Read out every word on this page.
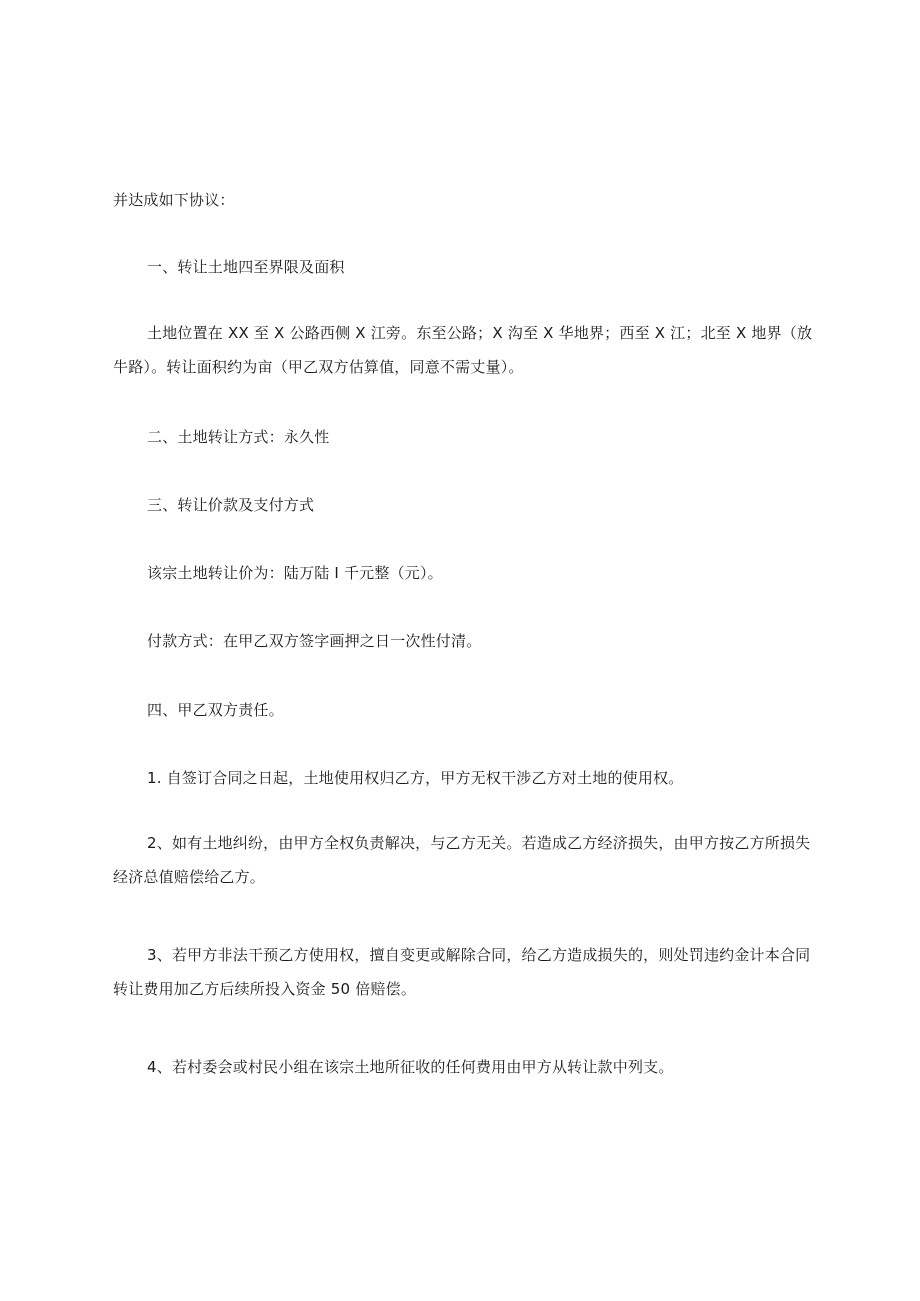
并达成如下协议：
一、转让土地四至界限及面积
土地位置在 XX 至 X 公路西侧 X 江旁。东至公路；X 沟至 X 华地界；西至 X 江；北至 X 地界（放牛路）。转让面积约为亩（甲乙双方估算值，同意不需丈量）。
二、土地转让方式：永久性
三、转让价款及支付方式
该宗土地转让价为：陆万陆 I 千元整（元）。
付款方式：在甲乙双方签字画押之日一次性付清。
四、甲乙双方责任。
1. 自签订合同之日起，土地使用权归乙方，甲方无权干涉乙方对土地的使用权。
2、如有土地纠纷，由甲方全权负责解决，与乙方无关。若造成乙方经济损失，由甲方按乙方所损失经济总值赔偿给乙方。
3、若甲方非法干预乙方使用权，擅自变更或解除合同，给乙方造成损失的，则处罚违约金计本合同转让费用加乙方后续所投入资金 50 倍赔偿。
4、若村委会或村民小组在该宗土地所征收的任何费用由甲方从转让款中列支。
